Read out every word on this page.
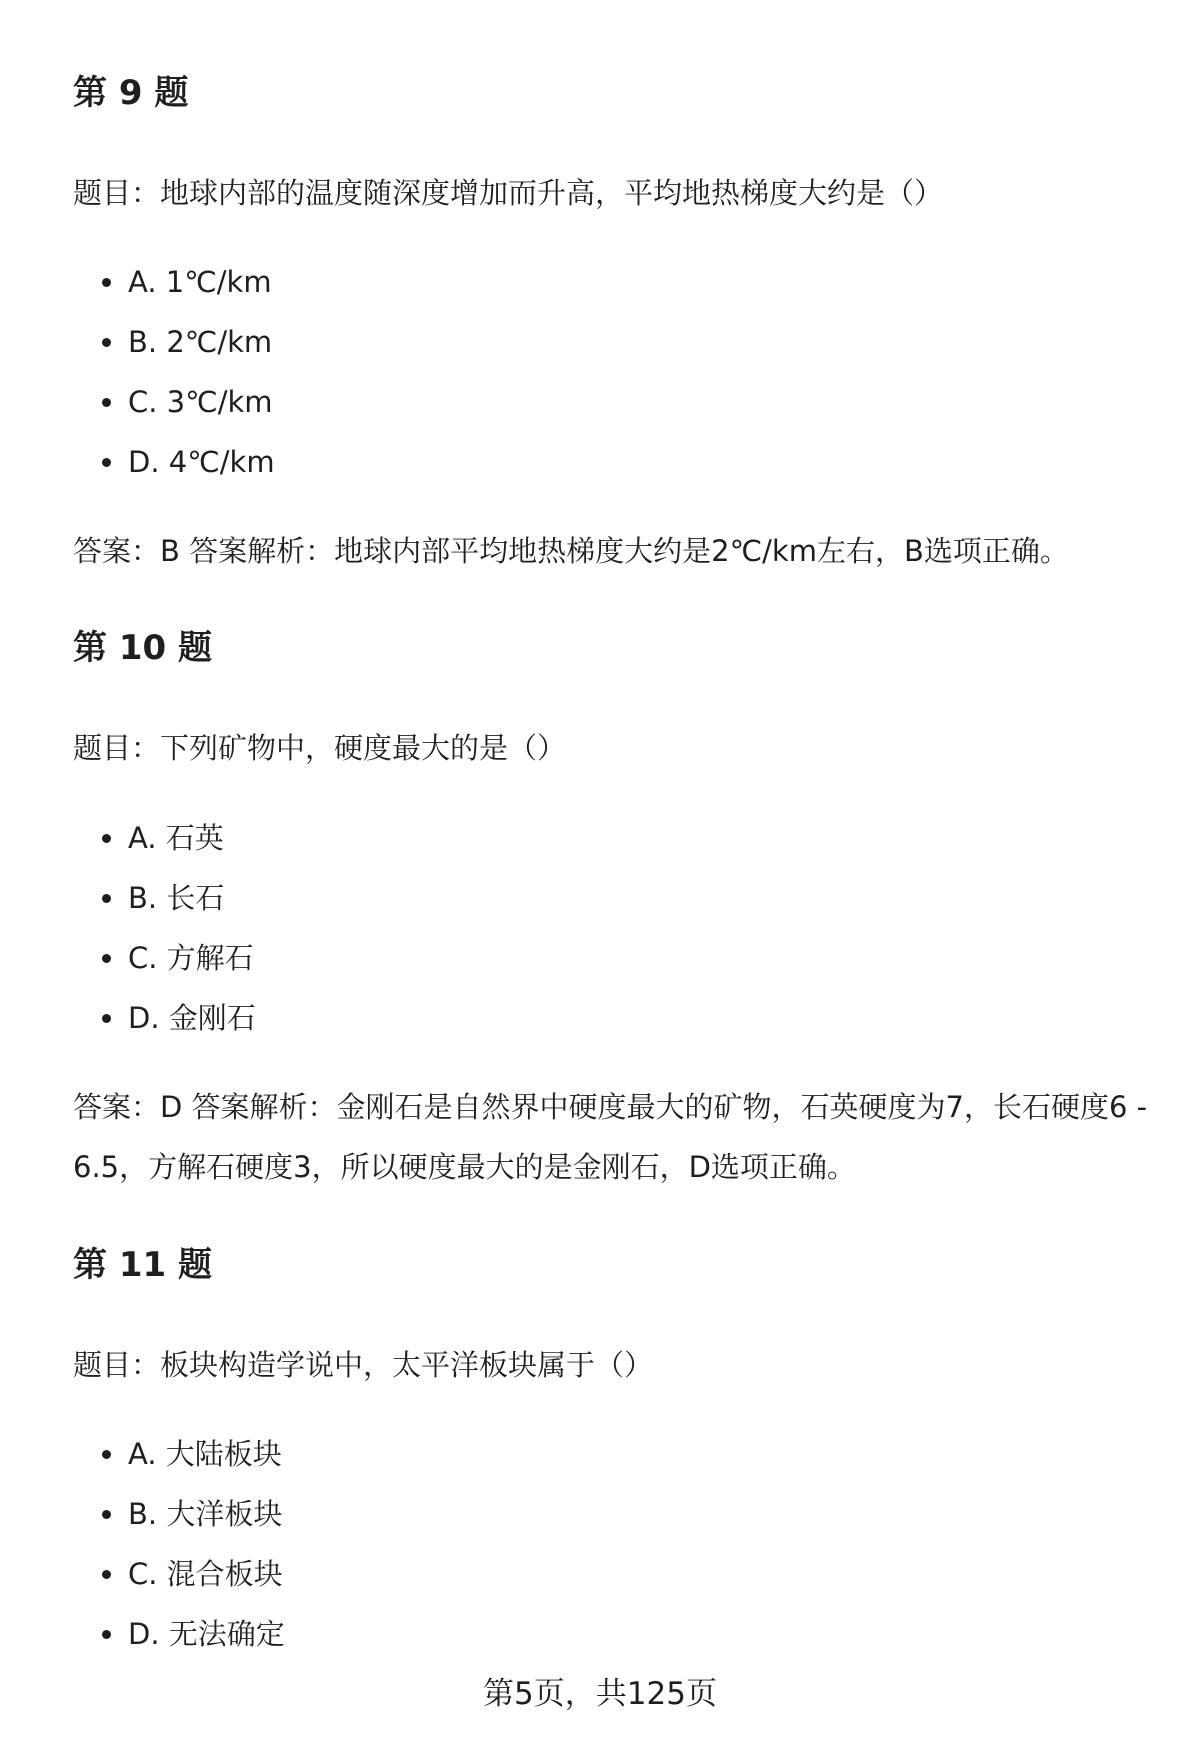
第 9 题

题目：地球内部的温度随深度增加而升高，平均地热梯度大约是（）

A. 1℃/km
B. 2℃/km
C. 3℃/km
D. 4℃/km

答案：B 答案解析：地球内部平均地热梯度大约是2℃/km左右，B选项正确。

第 10 题

题目：下列矿物中，硬度最大的是（）

A. 石英
B. 长石
C. 方解石
D. 金刚石

答案：D 答案解析：金刚石是自然界中硬度最大的矿物，石英硬度为7，长石硬度6 - 6.5，方解石硬度3，所以硬度最大的是金刚石，D选项正确。

第 11 题

题目：板块构造学说中，太平洋板块属于（）

A. 大陆板块
B. 大洋板块
C. 混合板块
D. 无法确定
第5页，共125页
